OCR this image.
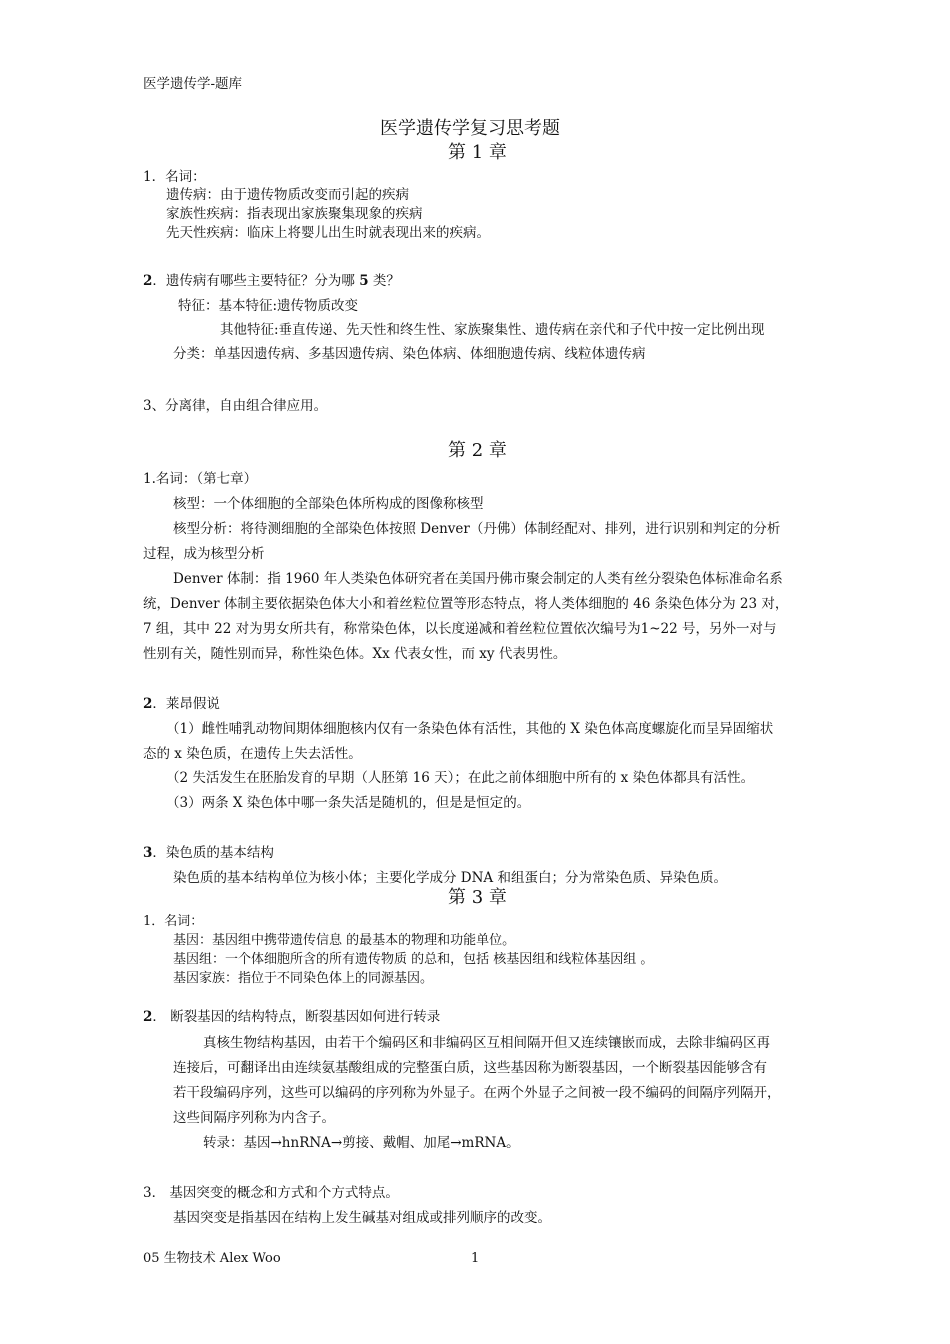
医学遗传学-题库
医学遗传学复习思考题
第 1 章
1．名词：
遗传病：由于遗传物质改变而引起的疾病
家族性疾病：指表现出家族聚集现象的疾病
先天性疾病：临床上将婴儿出生时就表现出来的疾病。
2．遗传病有哪些主要特征？分为哪 5 类？
特征：基本特征:遗传物质改变
其他特征:垂直传递、先天性和终生性、家族聚集性、遗传病在亲代和子代中按一定比例出现
分类：单基因遗传病、多基因遗传病、染色体病、体细胞遗传病、线粒体遗传病
3、分离律，自由组合律应用。
第 2 章
1.名词：（第七章）
核型：一个体细胞的全部染色体所构成的图像称核型
核型分析：将待测细胞的全部染色体按照 Denver（丹佛）体制经配对、排列，进行识别和判定的分析
过程，成为核型分析
Denver 体制：指 1960 年人类染色体研究者在美国丹佛市聚会制定的人类有丝分裂染色体标准命名系
统，Denver 体制主要依据染色体大小和着丝粒位置等形态特点，将人类体细胞的 46 条染色体分为 23 对，
7 组，其中 22 对为男女所共有，称常染色体，以长度递减和着丝粒位置依次编号为1~22 号，另外一对与
性别有关，随性别而异，称性染色体。Xx 代表女性，而 xy 代表男性。
2．莱昂假说
（1）雌性哺乳动物间期体细胞核内仅有一条染色体有活性，其他的 X 染色体高度螺旋化而呈异固缩状
态的 x 染色质，在遗传上失去活性。
（2 失活发生在胚胎发育的早期（人胚第 16 天）；在此之前体细胞中所有的 x 染色体都具有活性。
（3）两条 X 染色体中哪一条失活是随机的，但是是恒定的。
3．染色质的基本结构
染色质的基本结构单位为核小体；主要化学成分 DNA 和组蛋白；分为常染色质、异染色质。
第 3 章
1．名词：
基因：基因组中携带遗传信息 的最基本的物理和功能单位。
基因组：一个体细胞所含的所有遗传物质 的总和，包括 核基因组和线粒体基因组 。
基因家族：指位于不同染色体上的同源基因。
2． 断裂基因的结构特点，断裂基因如何进行转录
真核生物结构基因，由若干个编码区和非编码区互相间隔开但又连续镶嵌而成，去除非编码区再
连接后，可翻译出由连续氨基酸组成的完整蛋白质，这些基因称为断裂基因，一个断裂基因能够含有
若干段编码序列，这些可以编码的序列称为外显子。在两个外显子之间被一段不编码的间隔序列隔开，
这些间隔序列称为内含子。
转录：基因→hnRNA→剪接、戴帽、加尾→mRNA。
3． 基因突变的概念和方式和个方式特点。
基因突变是指基因在结构上发生碱基对组成或排列顺序的改变。
05 生物技术 Alex Woo	1
